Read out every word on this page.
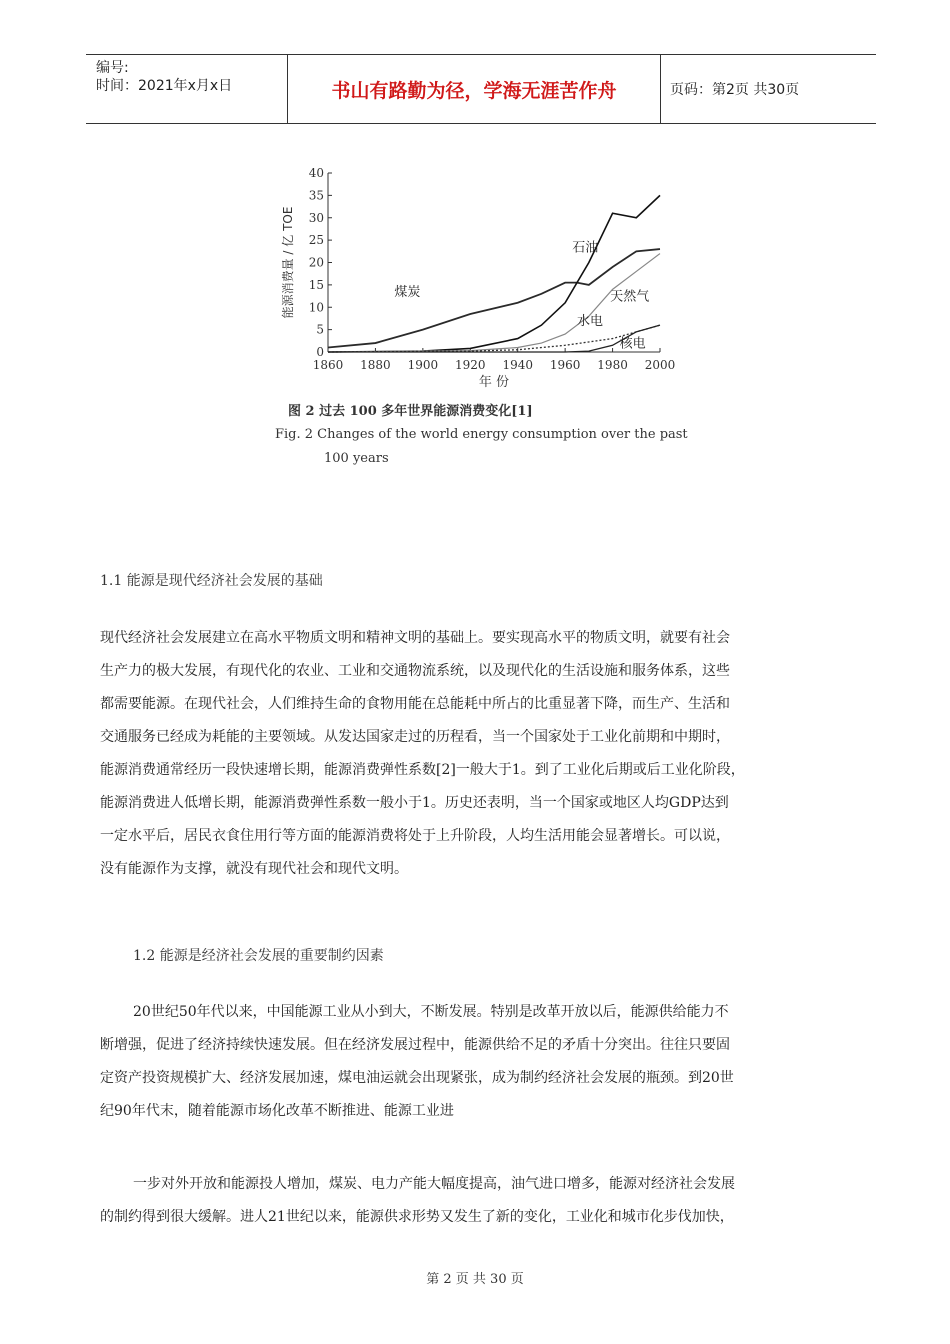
编号:
时间：2021年x月x日	书山有路勤为径，学海无涯苦作舟	页码：第2页 共30页
0
5
10
15
20
25
30
35
40
1860 1880 1900 1920 1940 1960 1980 2000
年 份
能源消费量 / 亿 TOE	煤炭
石油
天然气
水电
核电
图 2 过去 100 多年世界能源消费变化[1]
Fig. 2 Changes of the world energy consumption over the past
100 years
1.1 能源是现代经济社会发展的基础

现代经济社会发展建立在高水平物质文明和精神文明的基础上。要实现高水平的物质文明，就要有社会

生产力的极大发展，有现代化的农业、工业和交通物流系统，以及现代化的生活设施和服务体系，这些

都需要能源。在现代社会，人们维持生命的食物用能在总能耗中所占的比重显著下降，而生产、生活和

交通服务已经成为耗能的主要领域。从发达国家走过的历程看，当一个国家处于工业化前期和中期时，

能源消费通常经历一段快速增长期，能源消费弹性系数[2]一般大于1。到了工业化后期或后工业化阶段，

能源消费进人低增长期，能源消费弹性系数一般小于1。历史还表明，当一个国家或地区人均GDP达到

一定水平后，居民衣食住用行等方面的能源消费将处于上升阶段，人均生活用能会显著增长。可以说，

没有能源作为支撑，就没有现代社会和现代文明。

1.2 能源是经济社会发展的重要制约因素

20世纪50年代以来，中国能源工业从小到大，不断发展。特别是改革开放以后，能源供给能力不

断增强，促进了经济持续快速发展。但在经济发展过程中，能源供给不足的矛盾十分突出。往往只要固

定资产投资规模扩大、经济发展加速，煤电油运就会出现紧张，成为制约经济社会发展的瓶颈。到20世

纪90年代末，随着能源市场化改革不断推进、能源工业进

一步对外开放和能源投人增加，煤炭、电力产能大幅度提高，油气进口增多，能源对经济社会发展

的制约得到很大缓解。进人21世纪以来，能源供求形势又发生了新的变化，工业化和城市化步伐加快，

第 2 页 共 30 页
